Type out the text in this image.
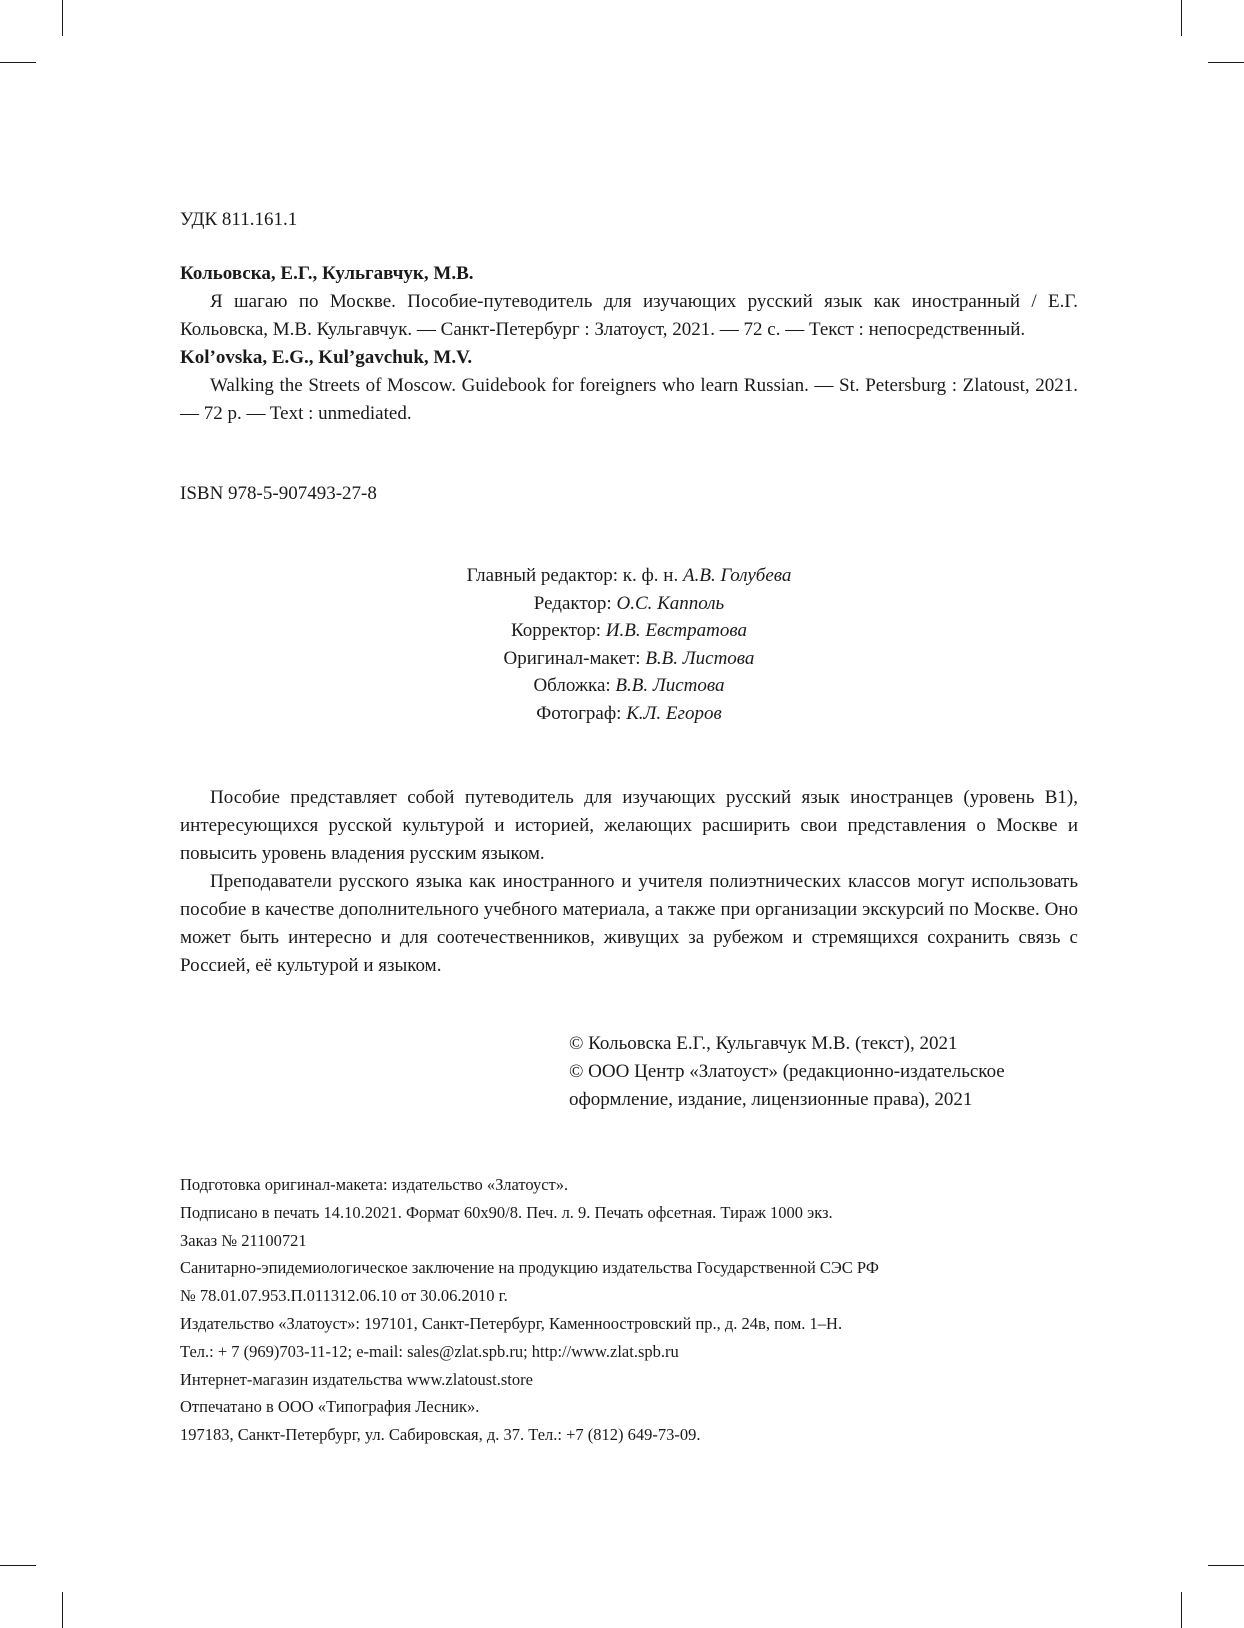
УДК 811.161.1
Кольовска, Е.Г., Кульгавчук, М.В.
Я шагаю по Москве. Пособие-путеводитель для изучающих русский язык как иностранный / Е.Г. Кольовска, М.В. Кульгавчук. — Санкт-Петербург : Златоуст, 2021. — 72 с. — Текст : непосредственный.
Kol’ovska, E.G., Kul’gavchuk, M.V.
Walking the Streets of Moscow. Guidebook for foreigners who learn Russian. — St. Petersburg : Zlatoust, 2021. — 72 p. — Text : unmediated.
ISBN 978-5-907493-27-8
Главный редактор: к. ф. н. А.В. Голубева
Редактор: О.С. Капполь
Корректор: И.В. Евстратова
Оригинал-макет: В.В. Листова
Обложка: В.В. Листова
Фотограф: К.Л. Егоров

Пособие представляет собой путеводитель для изучающих русский язык иностранцев (уровень В1), интересующихся русской культурой и историей, желающих расширить свои представления о Москве и повысить уровень владения русским языком.

Преподаватели русского языка как иностранного и учителя полиэтнических классов могут использовать пособие в качестве дополнительного учебного материала, а также при организации экскурсий по Москве. Оно может быть интересно и для соотечественников, живущих за рубежом и стремящихся сохранить связь с Россией, её культурой и языком.

© Кольовска Е.Г., Кульгавчук М.В. (текст), 2021
© ООО Центр «Златоуст» (редакционно-издательское оформление, издание, лицензионные права), 2021
Подготовка оригинал-макета: издательство «Златоуст».
Подписано в печать 14.10.2021. Формат 60x90/8. Печ. л. 9. Печать офсетная. Тираж 1000 экз.
Заказ № 21100721
Санитарно-эпидемиологическое заключение на продукцию издательства Государственной СЭС РФ
№ 78.01.07.953.П.011312.06.10 от 30.06.2010 г.
Издательство «Златоуст»: 197101, Санкт-Петербург, Каменноостровский пр., д. 24в, пом. 1–Н.
Тел.: + 7 (969)703-11-12; e-mail: sales@zlat.spb.ru; http://www.zlat.spb.ru
Интернет-магазин издательства www.zlatoust.store
Отпечатано в ООО «Типография Лесник».
197183, Санкт-Петербург, ул. Сабировская, д. 37. Тел.: +7 (812) 649-73-09.
